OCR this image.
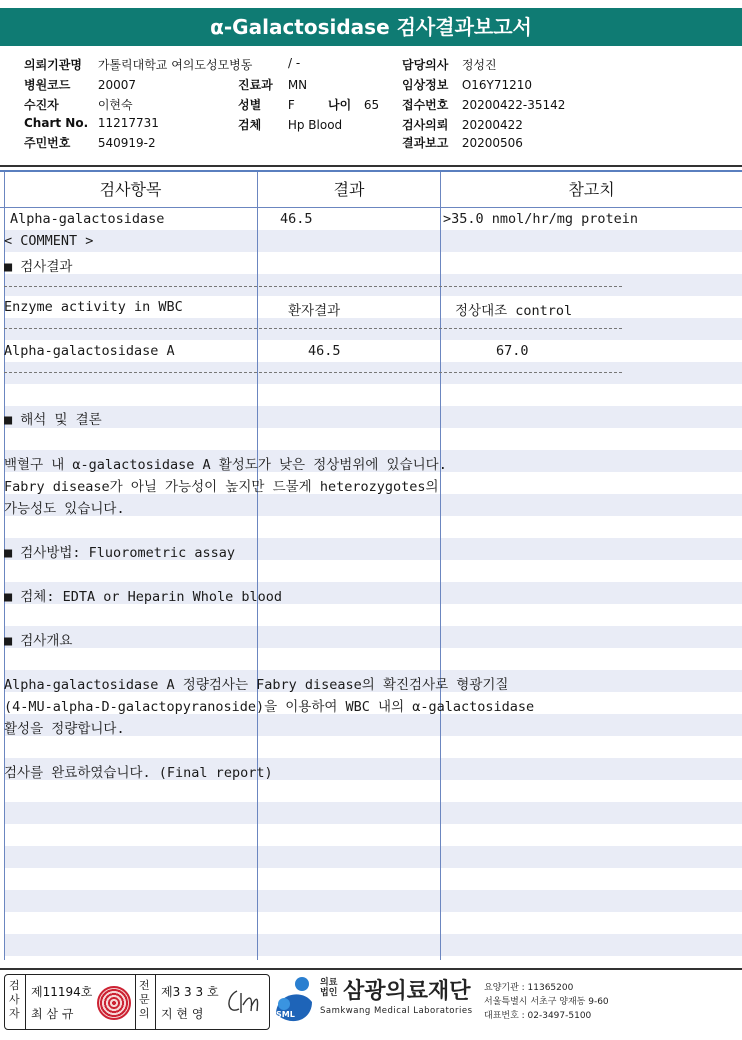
α-Galactosidase 검사결과보고서
의뢰기관명 가톨릭대학교 여의도성모병동	/ -
병원코드 20007
수진자	이현숙
Chart No. 11217731
주민번호 540919-2
진료과 MN
성별 F	나이 65
검체 Hp Blood
담당의사 정성진
임상정보 O16Y71210
접수번호 20200422-35142
검사의뢰 20200422
결과보고 20200506
검사항목	결과	참고치
Alpha-galactosidase	46.5	>35.0 nmol/hr/mg protein
< COMMENT >
■ 검사결과
Enzyme activity in WBC	환자결과	정상대조 control
Alpha-galactosidase A	46.5	67.0
■ 해석 및 결론
백혈구 내 α-galactosidase A 활성도가 낮은 정상범위에 있습니다.
Fabry disease가 아닐 가능성이 높지만 드물게 heterozygotes의
가능성도 있습니다.
■ 검사방법: Fluorometric assay
■ 검체: EDTA or Heparin Whole blood
■ 검사개요
Alpha-galactosidase A 정량검사는 Fabry disease의 확진검사로 형광기질
(4-MU-alpha-D-galactopyranoside)을 이용하여 WBC 내의 α-galactosidase
활성을 정량합니다.
검사를 완료하였습니다. (Final report)
검사자
제11194호
최 삼 규
전문의
제3 3 3 호
지 현 영	SML
의료법인 삼광의료재단
Samkwang Medical Laboratories
요양기관 : 11365200
서울특별시 서초구 양재동 9-60
대표번호 : 02-3497-5100
